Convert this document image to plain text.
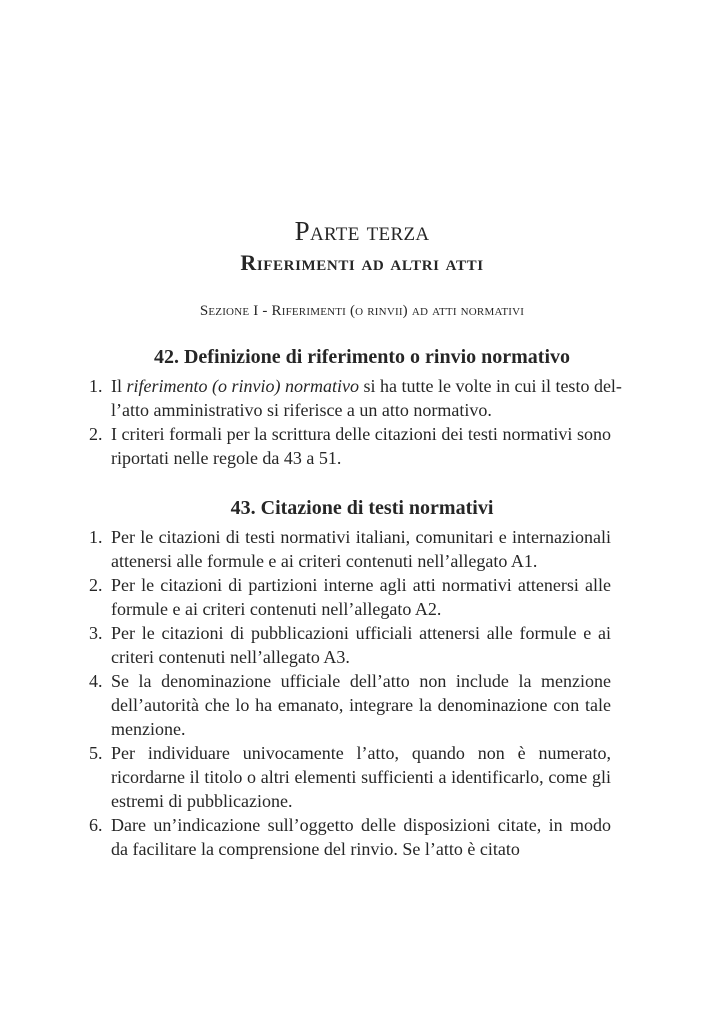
Parte terza
Riferimenti ad altri atti
Sezione I - Riferimenti (o rinvii) ad atti normativi
42. Definizione di riferimento o rinvio normativo
1. Il riferimento (o rinvio) normativo si ha tutte le volte in cui il testo del-
l’atto amministrativo si riferisce a un atto normativo.
2. I criteri formali per la scrittura delle citazioni dei testi normativi sono riportati nelle regole da 43 a 51.
43. Citazione di testi normativi
1. Per le citazioni di testi normativi italiani, comunitari e internazionali attenersi alle formule e ai criteri contenuti nell’allegato A1.
2. Per le citazioni di partizioni interne agli atti normativi attenersi alle formule e ai criteri contenuti nell’allegato A2.
3. Per le citazioni di pubblicazioni ufficiali attenersi alle formule e ai criteri contenuti nell’allegato A3.
4. Se la denominazione ufficiale dell’atto non include la menzione dell’autorità che lo ha emanato, integrare la denominazione con tale menzione.
5. Per individuare univocamente l’atto, quando non è numerato, ricordarne il titolo o altri elementi sufficienti a identificarlo, come gli estremi di pubblicazione.
6. Dare un’indicazione sull’oggetto delle disposizioni citate, in modo da facilitare la comprensione del rinvio. Se l’atto è citato
